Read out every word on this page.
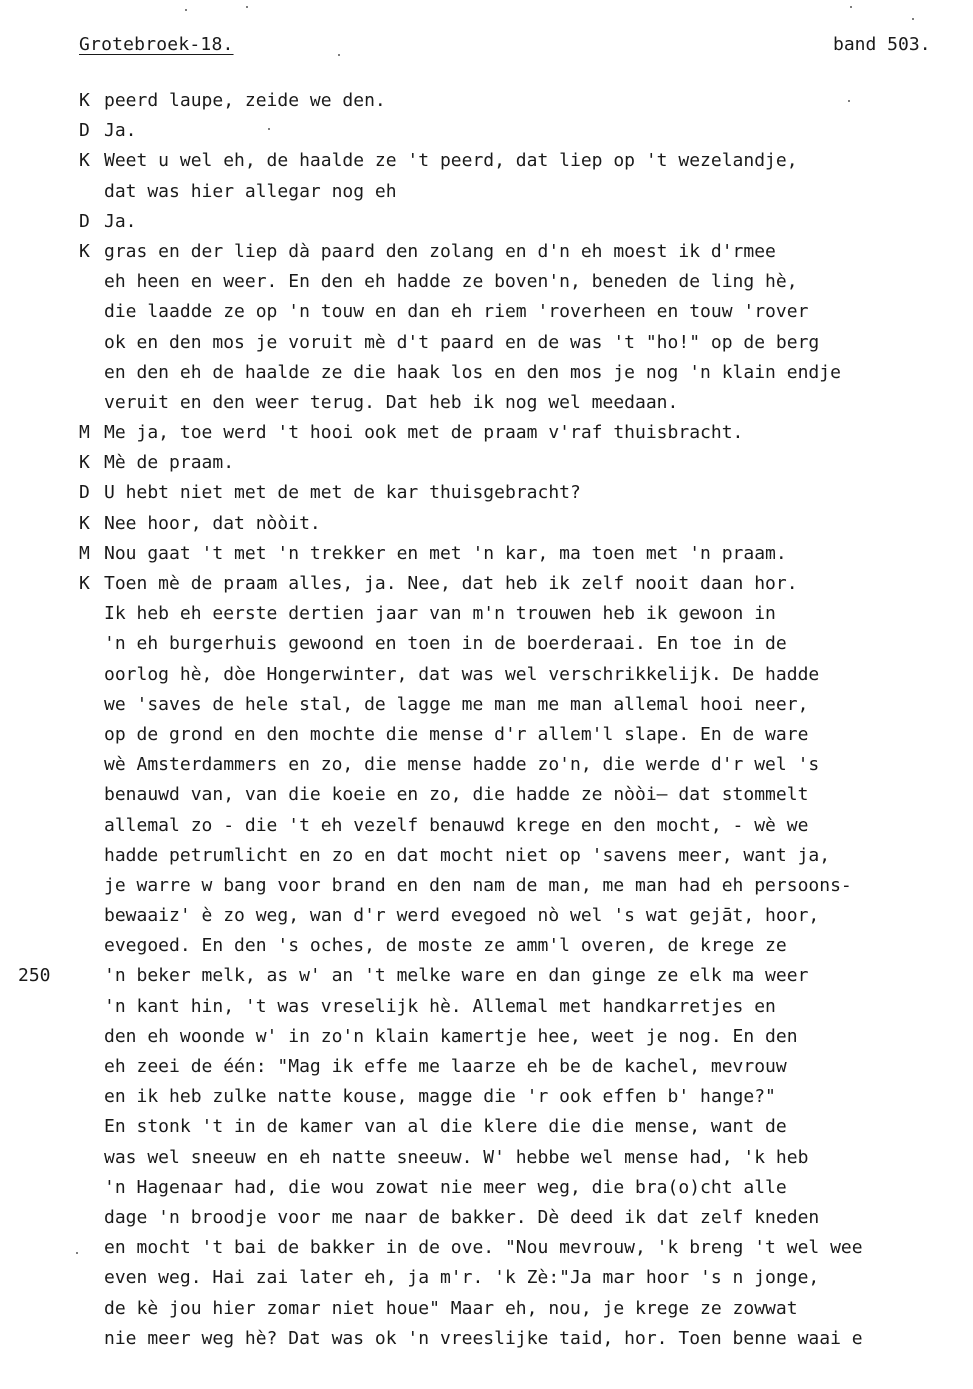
Grotebroek-18.	band 503.
K peerd laupe, zeide we den.
D Ja.
K Weet u wel eh, de haalde ze 't peerd, dat liep op 't wezelandje,
dat was hier allegar nog eh
D Ja.
K gras en der liep dà paard den zolang en d'n eh moest ik d'rmee
eh heen en weer. En den eh hadde ze boven'n, beneden de ling hè,
die laadde ze op 'n touw en dan eh riem 'roverheen en touw 'rover
ok en den mos je voruit mè d't paard en de was 't "ho!" op de berg
en den eh de haalde ze die haak los en den mos je nog 'n klain endje
veruit en den weer terug. Dat heb ik nog wel meedaan.
M Me ja, toe werd 't hooi ook met de praam v'raf thuisbracht.
K Mè de praam.
D U hebt niet met de met de kar thuisgebracht?
K Nee hoor, dat nòòit.
M Nou gaat 't met 'n trekker en met 'n kar, ma toen met 'n praam.
K Toen mè de praam alles, ja. Nee, dat heb ik zelf nooit daan hor.
Ik heb eh eerste dertien jaar van m'n trouwen heb ik gewoon in
'n eh burgerhuis gewoond en toen in de boerderaai. En toe in de
oorlog hè, dòe Hongerwinter, dat was wel verschrikkelijk. De hadde
we 'saves de hele stal, de lagge me man me man allemal hooi neer,
op de grond en den mochte die mense d'r allem'l slape. En de ware
wè Amsterdammers en zo, die mense hadde zo'n, die werde d'r wel 's
benauwd van, van die koeie en zo, die hadde ze nòòi— dat stommelt
allemal zo - die 't eh vezelf benauwd krege en den mocht, - wè we
hadde petrumlicht en zo en dat mocht niet op 'savens meer, want ja,
je warre w bang voor brand en den nam de man, me man had eh persoons-
bewaaiz' è zo weg, wan d'r werd evegoed nò wel 's wat gejāt, hoor,
evegoed. En den 's oches, de moste ze amm'l overen, de krege ze
'n beker melk, as w' an 't melke ware en dan ginge ze elk ma weer
250
'n kant hin, 't was vreselijk hè. Allemal met handkarretjes en
den eh woonde w' in zo'n klain kamertje hee, weet je nog. En den
eh zeei de één: "Mag ik effe me laarze eh be de kachel, mevrouw
en ik heb zulke natte kouse, magge die 'r ook effen b' hange?"
En stonk 't in de kamer van al die klere die die mense, want de
was wel sneeuw en eh natte sneeuw. W' hebbe wel mense had, 'k heb
'n Hagenaar had, die wou zowat nie meer weg, die bra(o)cht alle
dage 'n broodje voor me naar de bakker. Dè deed ik dat zelf kneden
en mocht 't bai de bakker in de ove. "Nou mevrouw, 'k breng 't wel wee
even weg. Hai zai later eh, ja m'r. 'k Zè:"Ja mar hoor 's n jonge,
de kè jou hier zomar niet houe" Maar eh, nou, je krege ze zowwat
nie meer weg hè? Dat was ok 'n vreeslijke taid, hor. Toen benne waai e
